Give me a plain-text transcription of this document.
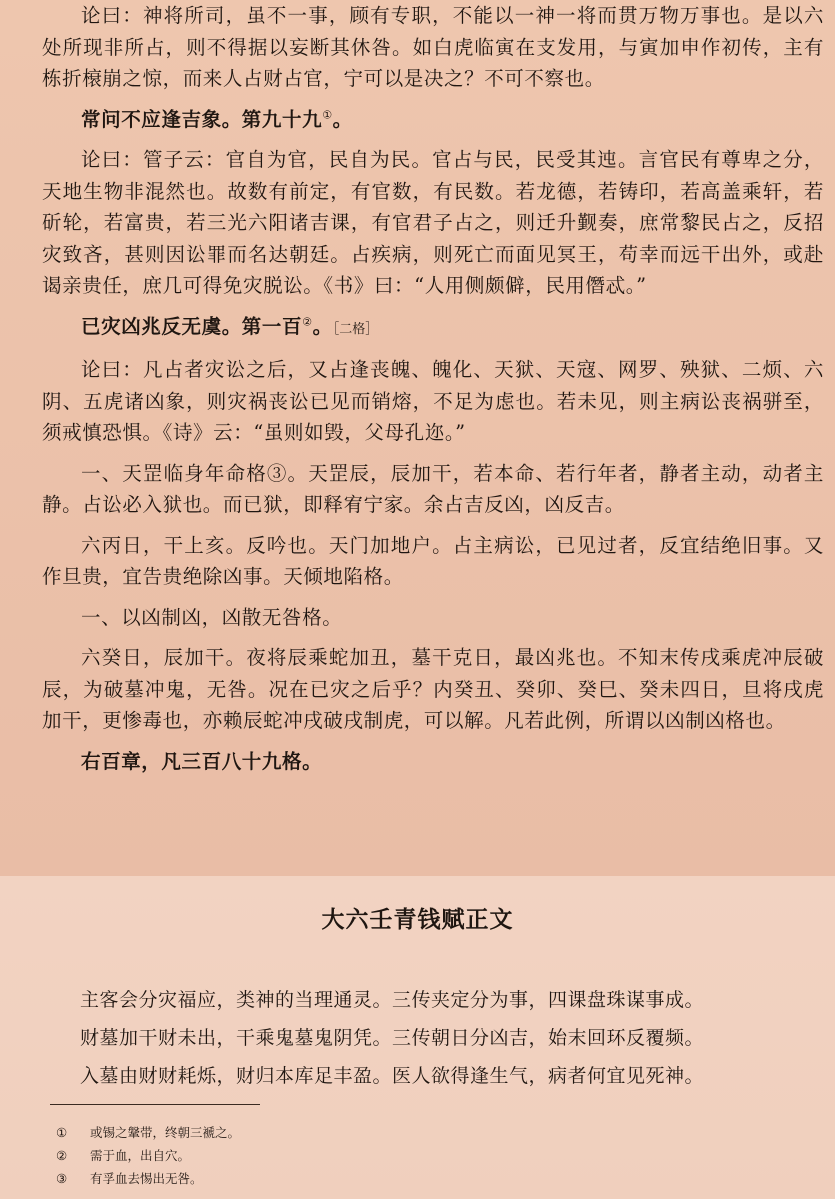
论曰：神将所司，虽不一事，顾有专职，不能以一神一将而贯万物万事也。是以六处所现非所占，则不得据以妄断其休咎。如白虎临寅在支发用，与寅加申作初传，主有栋折榱崩之惊，而来人占财占官，宁可以是决之？不可不察也。

常问不应逢吉象。第九十九①。

论曰：管子云：官自为官，民自为民。官占与民，民受其迍。言官民有尊卑之分，天地生物非混然也。故数有前定，有官数，有民数。若龙德，若铸印，若高盖乘轩，若斫轮，若富贵，若三光六阳诸吉课，有官君子占之，则迁升觐奏，庶常黎民占之，反招灾致吝，甚则因讼罪而名达朝廷。占疾病，则死亡而面见冥王，苟幸而远干出外，或赴谒亲贵任，庶几可得免灾脱讼。《书》曰：“人用侧颇僻，民用僭忒。”

已灾凶兆反无虞。第一百②。［二格］

论曰：凡占者灾讼之后，又占逢丧魄、魄化、天狱、天寇、网罗、殃狱、二烦、六阴、五虎诸凶象，则灾祸丧讼已见而销熔，不足为虑也。若未见，则主病讼丧祸骈至，须戒慎恐惧。《诗》云：“虽则如毁，父母孔迩。”

一、天罡临身年命格③。天罡辰，辰加干，若本命、若行年者，静者主动，动者主静。占讼必入狱也。而已狱，即释宥宁家。余占吉反凶，凶反吉。

六丙日，干上亥。反吟也。天门加地户。占主病讼，已见过者，反宜结绝旧事。又作旦贵，宜告贵绝除凶事。天倾地陷格。

一、以凶制凶，凶散无咎格。

六癸日，辰加干。夜将辰乘蛇加丑，墓干克日，最凶兆也。不知末传戌乘虎冲辰破辰，为破墓冲鬼，无咎。况在已灾之后乎？内癸丑、癸卯、癸巳、癸未四日，旦将戌虎加干，更惨毒也，亦赖辰蛇冲戌破戌制虎，可以解。凡若此例，所谓以凶制凶格也。

右百章，凡三百八十九格。

大六壬青钱赋正文

主客会分灾福应，类神的当理通灵。三传夹定分为事，四课盘珠谋事成。

财墓加干财未出，干乘鬼墓鬼阴凭。三传朝日分凶吉，始末回环反覆频。

入墓由财财耗烁，财归本库足丰盈。医人欲得逢生气，病者何宜见死神。

① 或锡之鞶带，终朝三褫之。
② 需于血，出自穴。
③ 有孚血去惕出无咎。
